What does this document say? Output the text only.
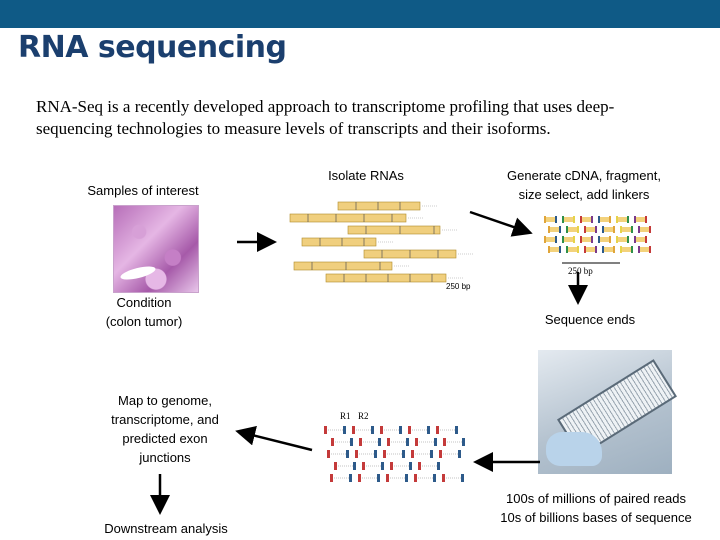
RNA sequencing
RNA-Seq is a recently developed approach to transcriptome profiling that uses deep-sequencing technologies to measure levels of transcripts and their isoforms.
Samples of interest
Condition
(colon tumor)
Isolate RNAs	Generate cDNA, fragment,
size select, add linkers
Sequence ends
Map to genome,
transcriptome, and
predicted exon
junctions
Downstream analysis
100s of millions of paired reads
10s of billions bases of sequence
250 bp
250 bp
R1 R2
